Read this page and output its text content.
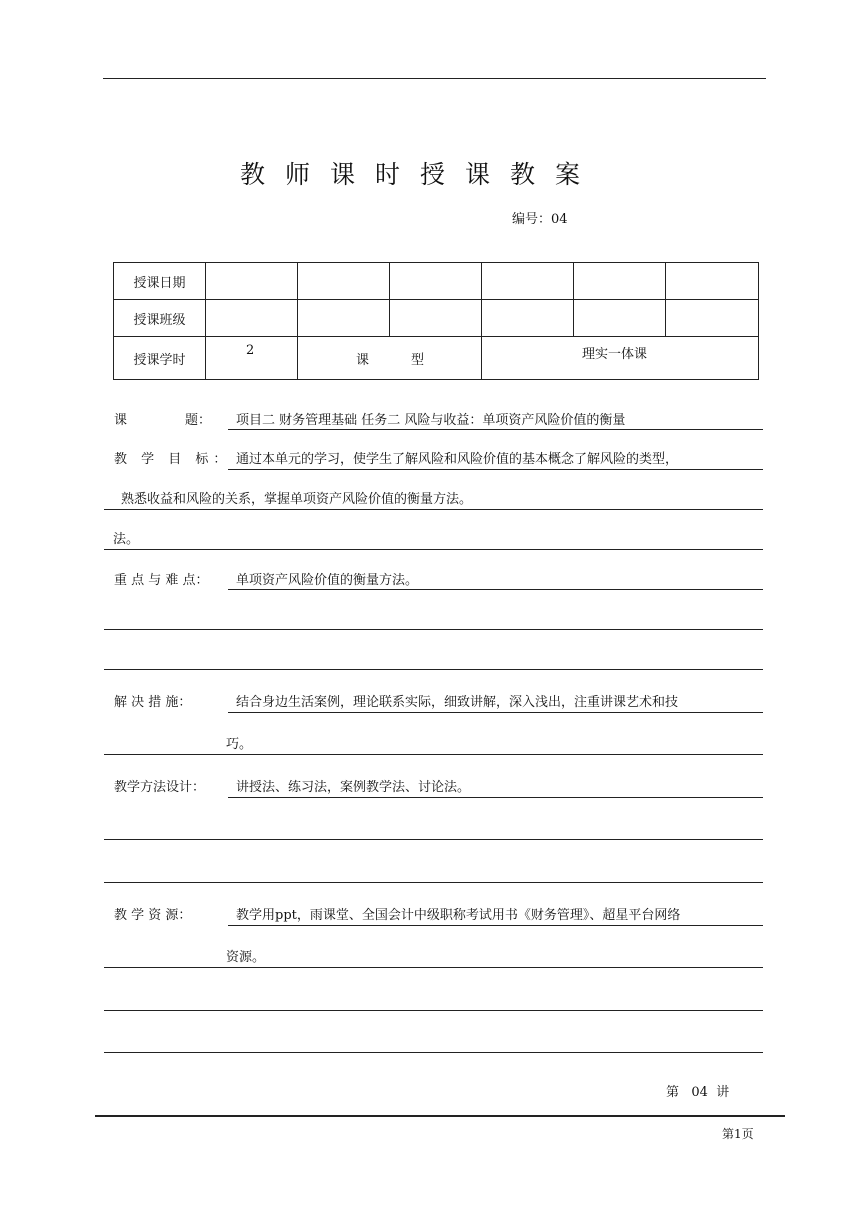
教 师 课 时 授 课 教 案
编号：04
授课日期						
授课班级						
授课学时	2	课 型		理实一体课		
课	题： 项目二 财务管理基础 任务二 风险与收益：单项资产风险价值的衡量
教 学 目 标： 通过本单元的学习，使学生了解风险和风险价值的基本概念了解风险的类型，
熟悉收益和风险的关系，掌握单项资产风险价值的衡量方法。
法。
重 点 与 难 点： 单项资产风险价值的衡量方法。
解 决 措 施：	结合身边生活案例，理论联系实际，细致讲解，深入浅出，注重讲课艺术和技
巧。
教学方法设计： 讲授法、练习法，案例教学法、讨论法。
教 学 资 源：	教学用ppt，雨课堂、全国会计中级职称考试用书《财务管理》、超星平台网络
资源。
第   04  讲
第1页
